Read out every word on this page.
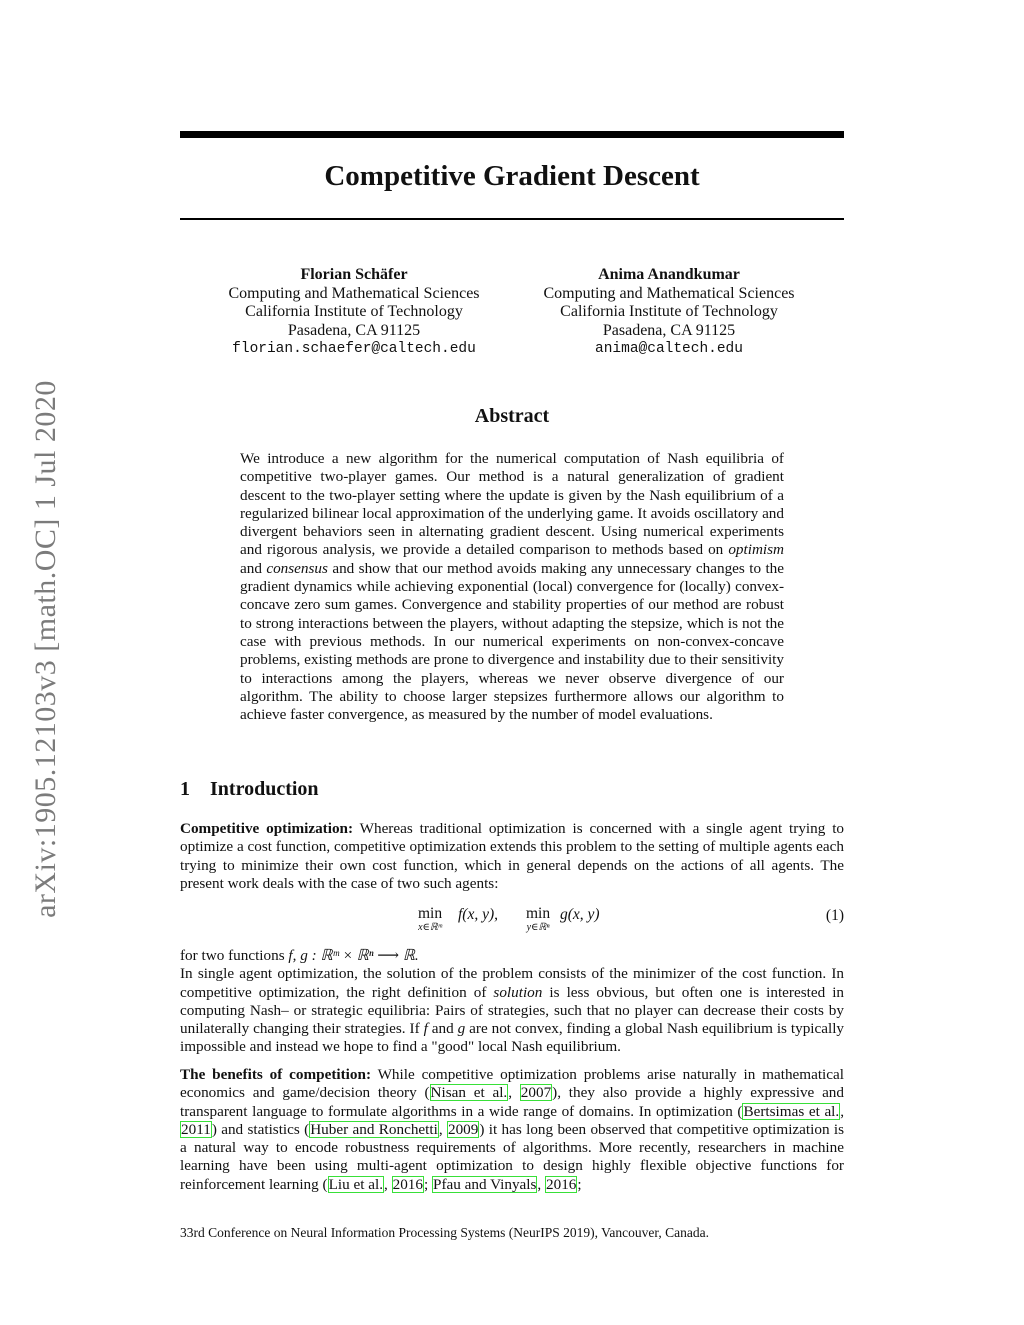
arXiv:1905.12103v3 [math.OC] 1 Jul 2020
Competitive Gradient Descent
Florian Schäfer
Computing and Mathematical Sciences
California Institute of Technology
Pasadena, CA 91125
florian.schaefer@caltech.edu
Anima Anandkumar
Computing and Mathematical Sciences
California Institute of Technology
Pasadena, CA 91125
anima@caltech.edu
Abstract
We introduce a new algorithm for the numerical computation of Nash equilibria of competitive two-player games. Our method is a natural generalization of gradient descent to the two-player setting where the update is given by the Nash equilibrium of a regularized bilinear local approximation of the underlying game. It avoids oscillatory and divergent behaviors seen in alternating gradient descent. Using numerical experiments and rigorous analysis, we provide a detailed comparison to methods based on optimism and consensus and show that our method avoids making any unnecessary changes to the gradient dynamics while achieving exponential (local) convergence for (locally) convex-concave zero sum games. Convergence and stability properties of our method are robust to strong interactions between the players, without adapting the stepsize, which is not the case with previous methods. In our numerical experiments on non-convex-concave problems, existing methods are prone to divergence and instability due to their sensitivity to interactions among the players, whereas we never observe divergence of our algorithm. The ability to choose larger stepsizes furthermore allows our algorithm to achieve faster convergence, as measured by the number of model evaluations.
1 Introduction
Competitive optimization: Whereas traditional optimization is concerned with a single agent trying to optimize a cost function, competitive optimization extends this problem to the setting of multiple agents each trying to minimize their own cost function, which in general depends on the actions of all agents. The present work deals with the case of two such agents:
min
x∈ℝᵐ
f(x, y), min
y∈ℝⁿ
g(x, y)	(1)
for two functions f, g : ℝᵐ × ℝⁿ ⟶ ℝ.
In single agent optimization, the solution of the problem consists of the minimizer of the cost function. In competitive optimization, the right definition of solution is less obvious, but often one is interested in computing Nash– or strategic equilibria: Pairs of strategies, such that no player can decrease their costs by unilaterally changing their strategies. If f and g are not convex, finding a global Nash equilibrium is typically impossible and instead we hope to find a "good" local Nash equilibrium.
The benefits of competition: While competitive optimization problems arise naturally in mathematical economics and game/decision theory (Nisan et al., 2007), they also provide a highly expressive and transparent language to formulate algorithms in a wide range of domains. In optimization (Bertsimas et al., 2011) and statistics (Huber and Ronchetti, 2009) it has long been observed that competitive optimization is a natural way to encode robustness requirements of algorithms. More recently, researchers in machine learning have been using multi-agent optimization to design highly flexible objective functions for reinforcement learning (Liu et al., 2016; Pfau and Vinyals, 2016;
33rd Conference on Neural Information Processing Systems (NeurIPS 2019), Vancouver, Canada.
